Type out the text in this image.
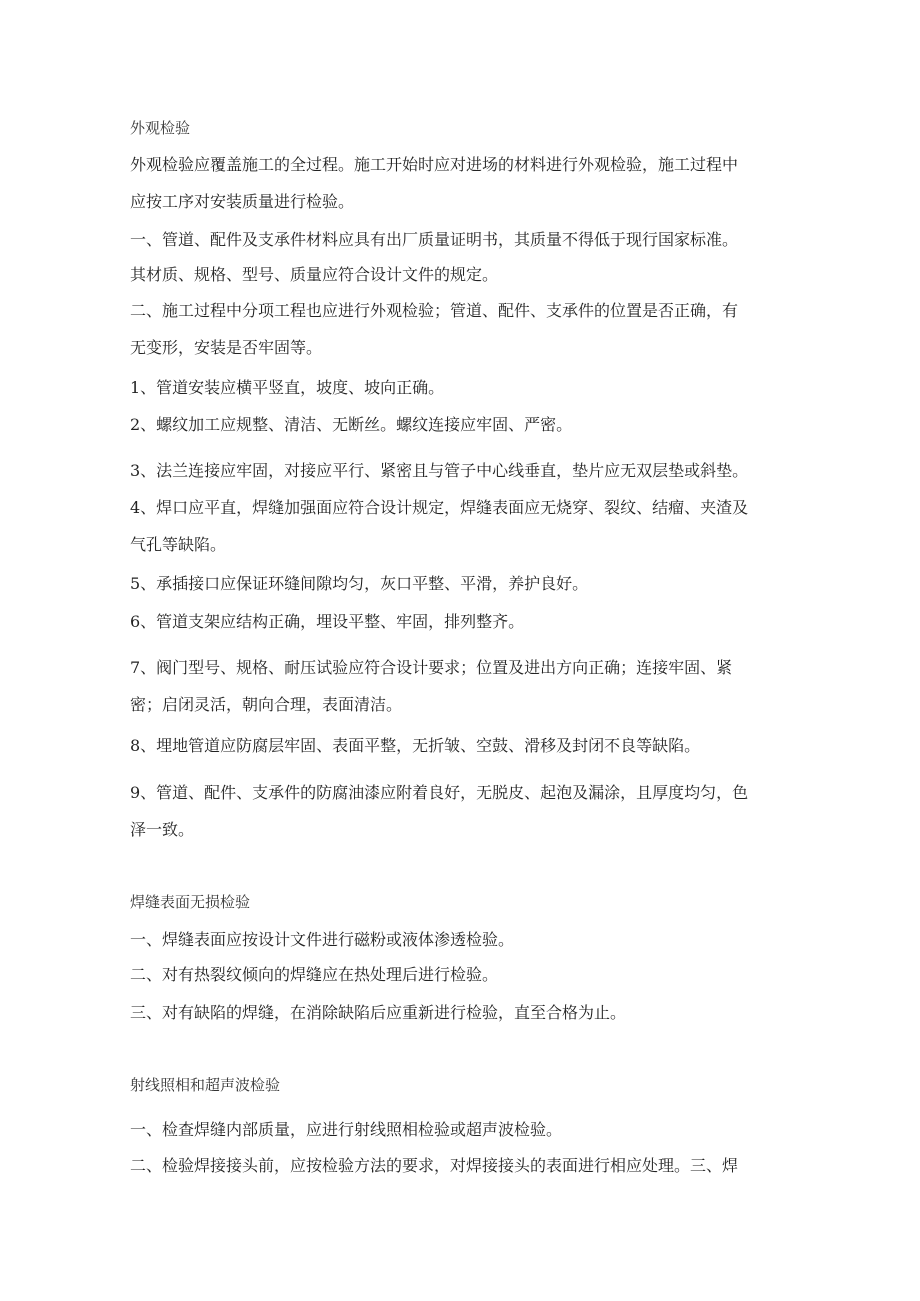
外观检验
外观检验应覆盖施工的全过程。施工开始时应对进场的材料进行外观检验，施工过程中
应按工序对安装质量进行检验。
一、管道、配件及支承件材料应具有出厂质量证明书，其质量不得低于现行国家标准。
其材质、规格、型号、质量应符合设计文件的规定。
二、施工过程中分项工程也应进行外观检验；管道、配件、支承件的位置是否正确，有
无变形，安装是否牢固等。
1、管道安装应横平竖直，坡度、坡向正确。
2、螺纹加工应规整、清洁、无断丝。螺纹连接应牢固、严密。
3、法兰连接应牢固，对接应平行、紧密且与管子中心线垂直，垫片应无双层垫或斜垫。
4、焊口应平直，焊缝加强面应符合设计规定，焊缝表面应无烧穿、裂纹、结瘤、夹渣及
气孔等缺陷。
5、承插接口应保证环缝间隙均匀，灰口平整、平滑，养护良好。
6、管道支架应结构正确，埋设平整、牢固，排列整齐。
7、阀门型号、规格、耐压试验应符合设计要求；位置及进出方向正确；连接牢固、紧
密；启闭灵活，朝向合理，表面清洁。
8、埋地管道应防腐层牢固、表面平整，无折皱、空鼓、滑移及封闭不良等缺陷。
9、管道、配件、支承件的防腐油漆应附着良好，无脱皮、起泡及漏涂，且厚度均匀，色
泽一致。
焊缝表面无损检验
一、焊缝表面应按设计文件进行磁粉或液体渗透检验。
二、对有热裂纹倾向的焊缝应在热处理后进行检验。
三、对有缺陷的焊缝，在消除缺陷后应重新进行检验，直至合格为止。
射线照相和超声波检验
一、检查焊缝内部质量，应进行射线照相检验或超声波检验。
二、检验焊接接头前，应按检验方法的要求，对焊接接头的表面进行相应处理。三、焊
